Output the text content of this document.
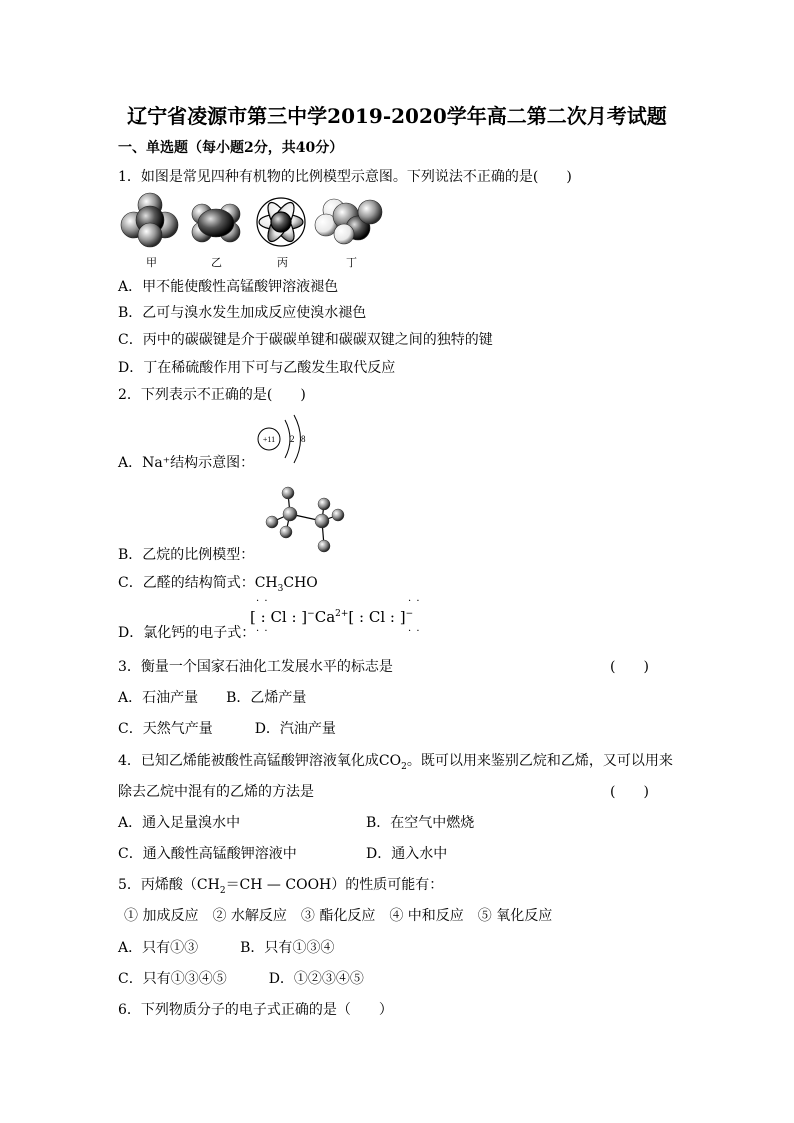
辽宁省凌源市第三中学2019-2020学年高二第二次月考试题
一、单选题（每小题2分，共40分）
1．如图是常见四种有机物的比例模型示意图。下列说法不正确的是(　　)
甲	乙	丙	丁
A．甲不能使酸性高锰酸钾溶液褪色
B．乙可与溴水发生加成反应使溴水褪色
C．丙中的碳碳键是介于碳碳单键和碳碳双键之间的独特的键
D．丁在稀硫酸作用下可与乙酸发生取代反应
2．下列表示不正确的是(　　)
+11 2 8
A．Na⁺结构示意图：
B．乙烷的比例模型：
C．乙醛的结构简式：$CH_3CHO$
D．氯化钙的电子式：
· ·	· ·
· ·	· ·
[ : Cl : ]$^-Ca^{2+}$[ : Cl : ]−
3．衡量一个国家石油化工发展水平的标志是	(　　)
A．石油产量　　B．乙烯产量
C．天然气产量　　　D．汽油产量
4．已知乙烯能被酸性高锰酸钾溶液氧化成$CO_2$。既可以用来鉴别乙烷和乙烯，又可以用来
除去乙烷中混有的乙烯的方法是	(　　)
A．通入足量溴水中	B．在空气中燃烧
C．通入酸性高锰酸钾溶液中	D．通入水中
5．丙烯酸（$CH_2=CH$ — COOH）的性质可能有：
① 加成反应　② 水解反应　③ 酯化反应　④ 中和反应　⑤ 氧化反应
A．只有①③　　　B．只有①③④
C．只有①③④⑤　　　D．①②③④⑤
6．下列物质分子的电子式正确的是（　　）
